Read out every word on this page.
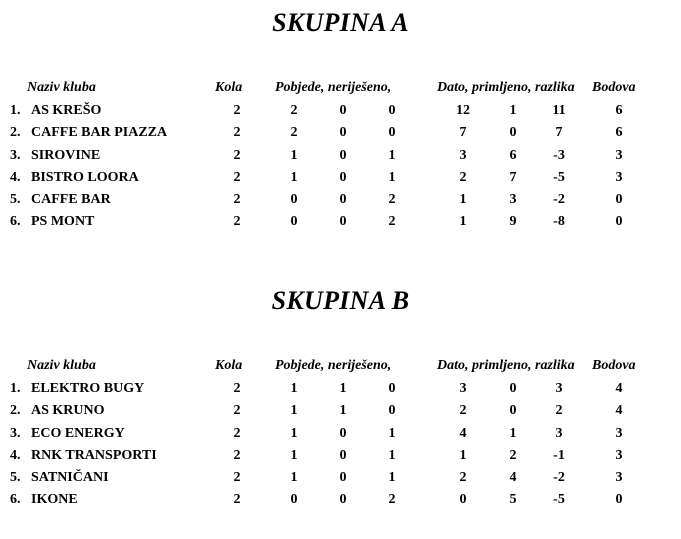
SKUPINA A
Naziv kluba	Kola Pobjede, neriješeno,	Dato, primljeno, razlika Bodova
1. AS KREŠO	2	2	0	0	12	1	11	6
2. CAFFE BAR PIAZZA	2	2	0	0	7	0	7	6
3. SIROVINE	2	1	0	1	3	6	-3	3
4. BISTRO LOORA	2	1	0	1	2	7	-5	3
5. CAFFE BAR	2	0	0	2	1	3	-2	0
6. PS MONT	2	0	0	2	1	9	-8	0
SKUPINA B
Naziv kluba	Kola Pobjede, neriješeno,	Dato, primljeno, razlika Bodova
1. ELEKTRO BUGY	2	1	1	0	3	0	3	4
2. AS KRUNO	2	1	1	0	2	0	2	4
3. ECO ENERGY	2	1	0	1	4	1	3	3
4. RNK TRANSPORTI	2	1	0	1	1	2	-1	3
5. SATNIČANI	2	1	0	1	2	4	-2	3
6. IKONE	2	0	0	2	0	5	-5	0
